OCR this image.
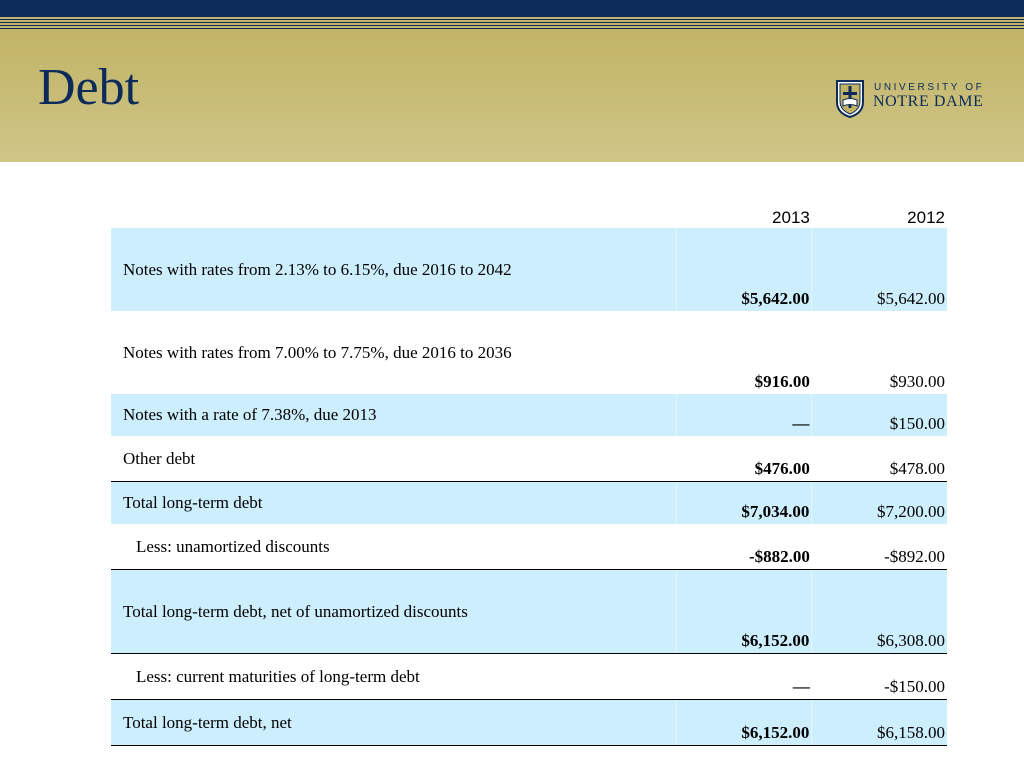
Debt	UNIVERSITY OF
NOTRE DAME
	2013	2012
Notes with rates from 2.13% to 6.15%, due 2016 to 2042	$5,642.00	$5,642.00
Notes with rates from 7.00% to 7.75%, due 2016 to 2036	$916.00	$930.00
Notes with a rate of 7.38%, due 2013	—	$150.00
Other debt	$476.00	$478.00
Total long-term debt	$7,034.00	$7,200.00
Less: unamortized discounts	-$882.00	-$892.00
Total long-term debt, net of unamortized discounts	$6,152.00	$6,308.00
Less: current maturities of long-term debt	—	-$150.00
Total long-term debt, net	$6,152.00	$6,158.00
